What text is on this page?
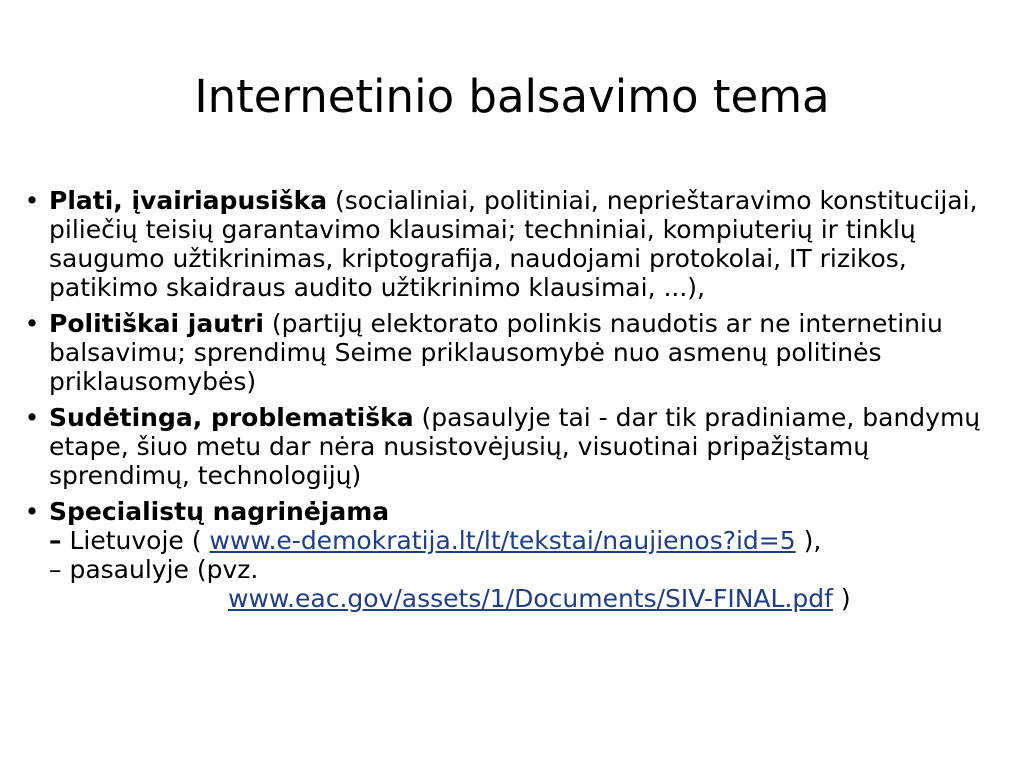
Internetinio balsavimo tema
• Plati, įvairiapusiška (socialiniai, politiniai, neprieštaravimo konstitucijai, piliečių teisių garantavimo klausimai; techniniai, kompiuterių ir tinklų saugumo užtikrinimas, kriptografija, naudojami protokolai, IT rizikos, patikimo skaidraus audito užtikrinimo klausimai, ...),
• Politiškai jautri (partijų elektorato polinkis naudotis ar ne internetiniu balsavimu; sprendimų Seime priklausomybė nuo asmenų politinės priklausomybės)
• Sudėtinga, problematiška (pasaulyje tai - dar tik pradiniame, bandymų etape, šiuo metu dar nėra nusistovėjusių, visuotinai pripažįstamų sprendimų, technologijų)
• Specialistų nagrinėjama
– Lietuvoje ( www.e-demokratija.lt/lt/tekstai/naujienos?id=5 ),
– pasaulyje (pvz.
www.eac.gov/assets/1/Documents/SIV-FINAL.pdf )
